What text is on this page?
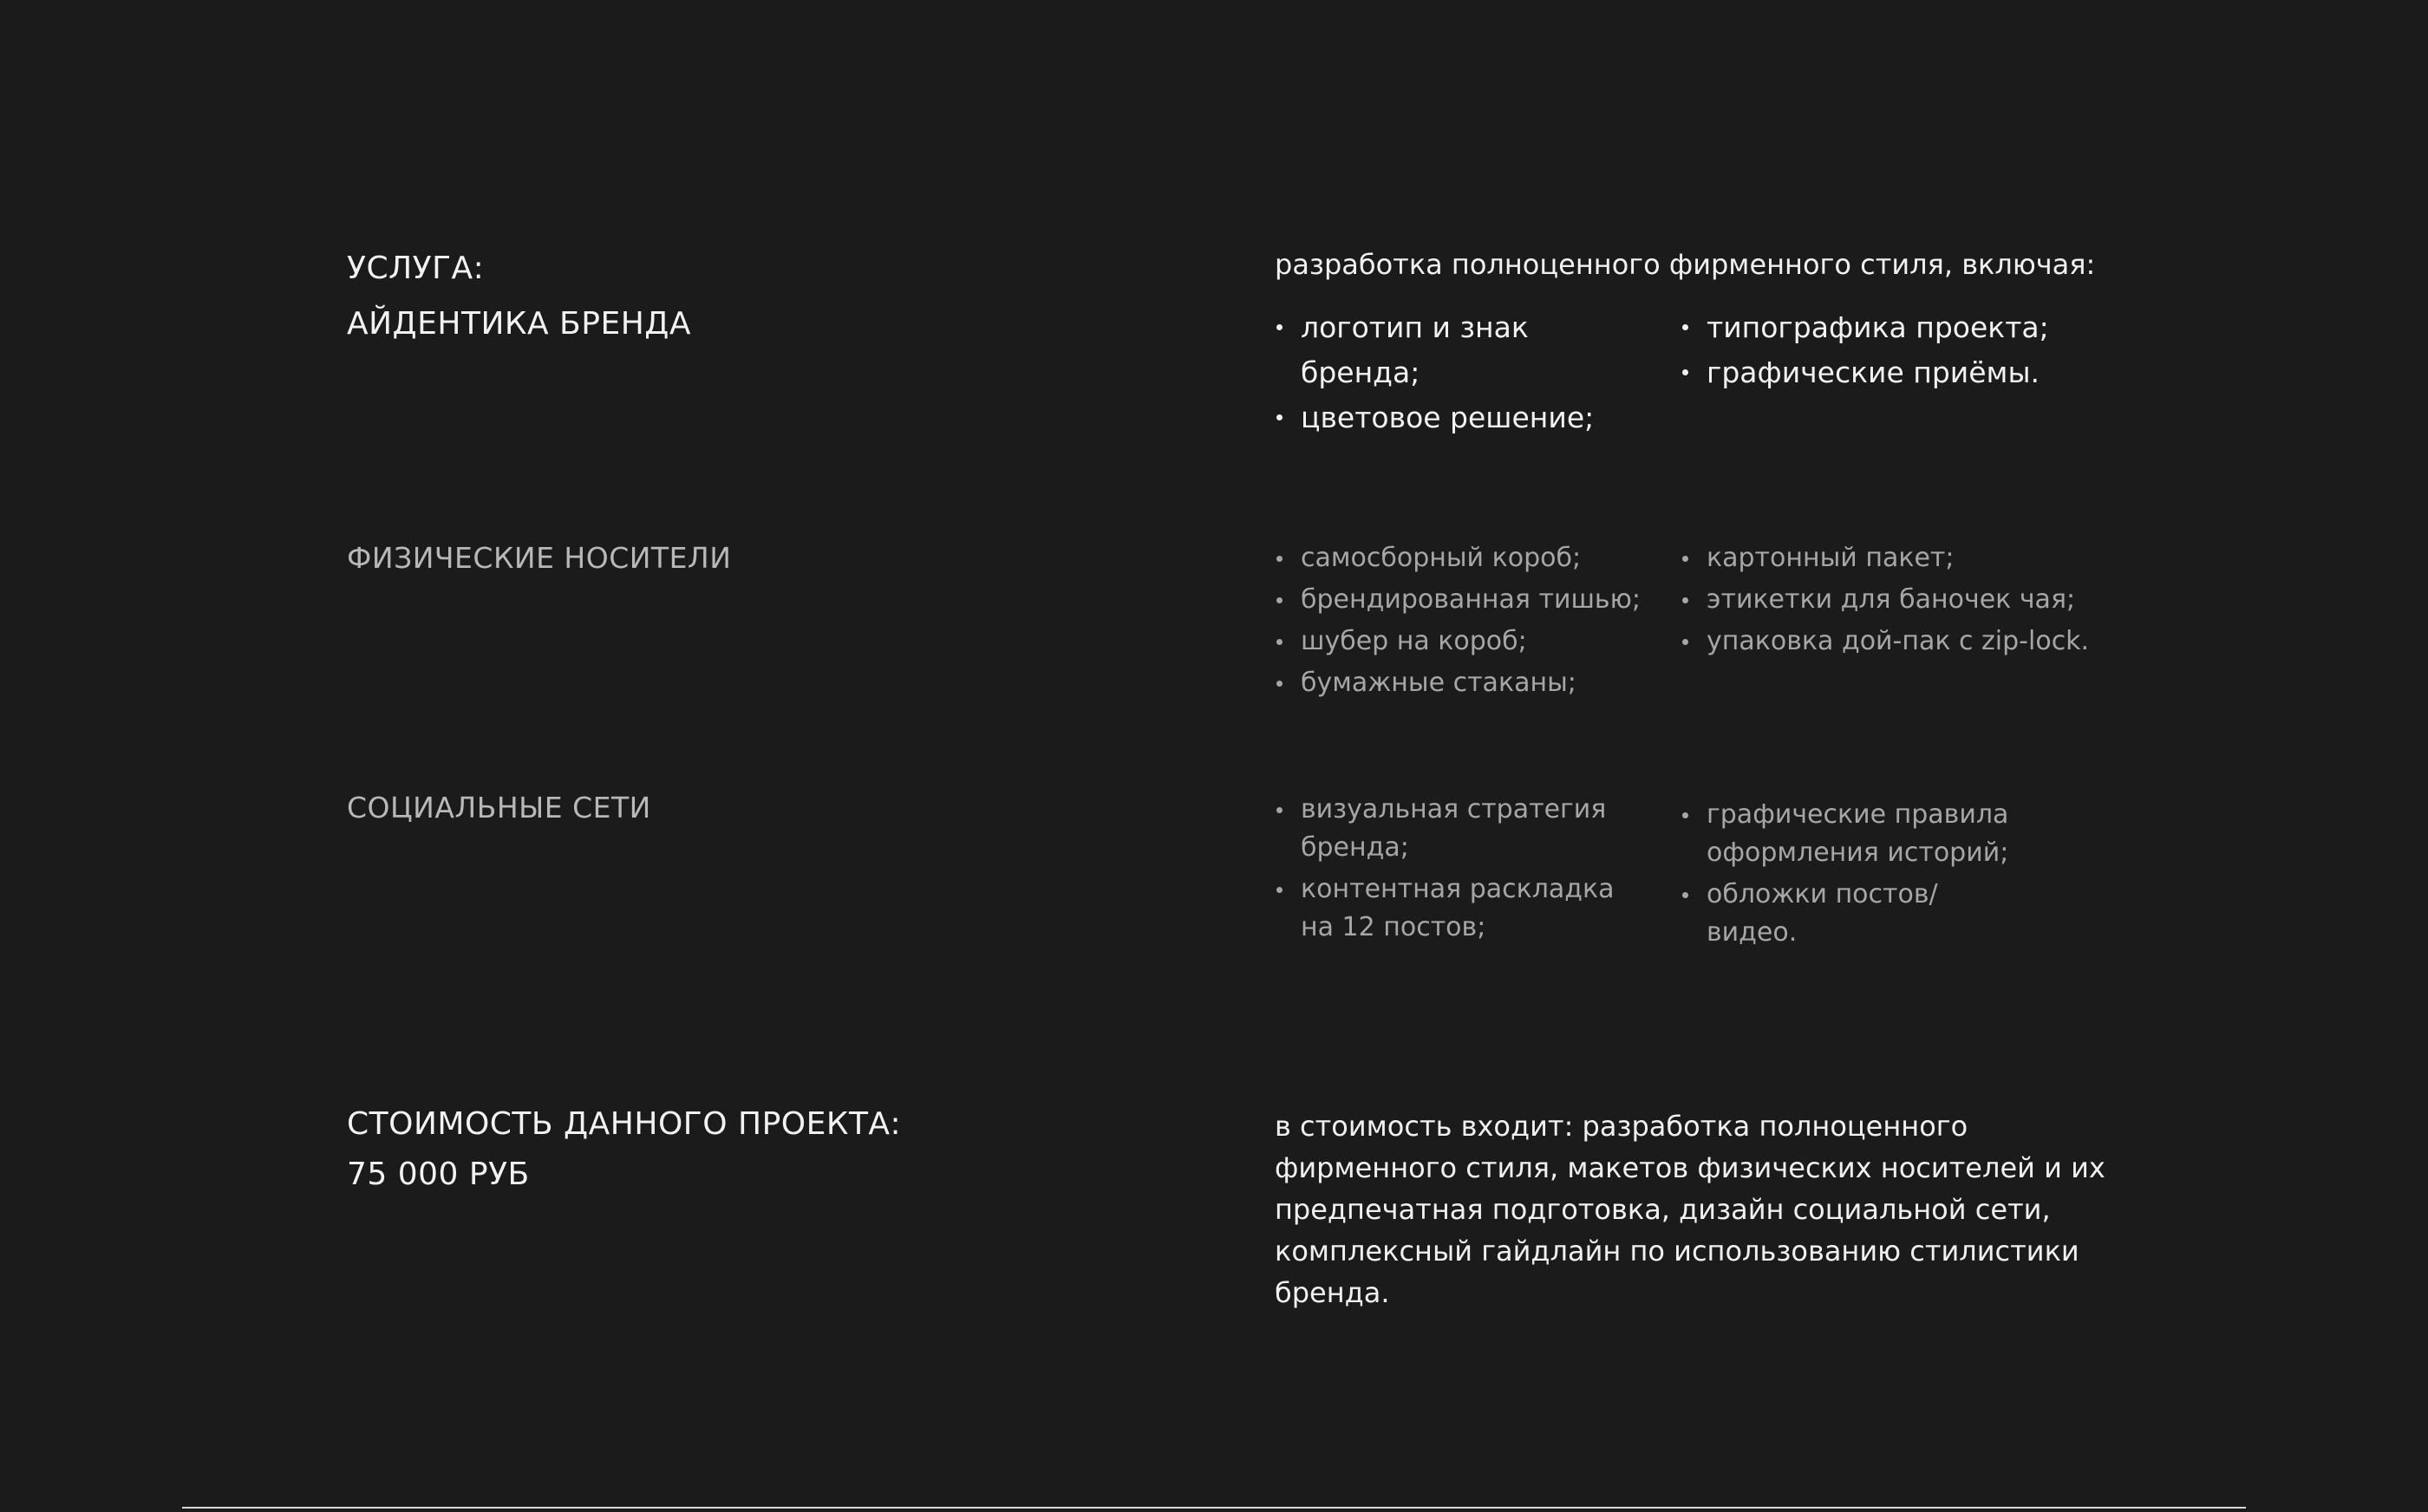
УСЛУГА:
АЙДЕНТИКА БРЕНДА

разработка полноценного фирменного стиля, включая:

логотип и знак бренда;
цветовое решение;
типографика проекта;
графические приёмы.
ФИЗИЧЕСКИЕ НОСИТЕЛИ	самосборный короб;
брендированная тишью;
шубер на короб;
бумажные стаканы;
картонный пакет;
этикетки для баночек чая;
упаковка дой-пак с zip-lock.
СОЦИАЛЬНЫЕ СЕТИ	визуальная стратегия бренда;
контентная раскладка на 12 постов;
графические правила оформления историй;
обложки постов/видео.
СТОИМОСТЬ ДАННОГО ПРОЕКТА:
75 000 РУБ

в стоимость входит: разработка полноценного фирменного стиля, макетов физических носителей и их предпечатная подготовка, дизайн социальной сети, комплексный гайдлайн по использованию стилистики бренда.
